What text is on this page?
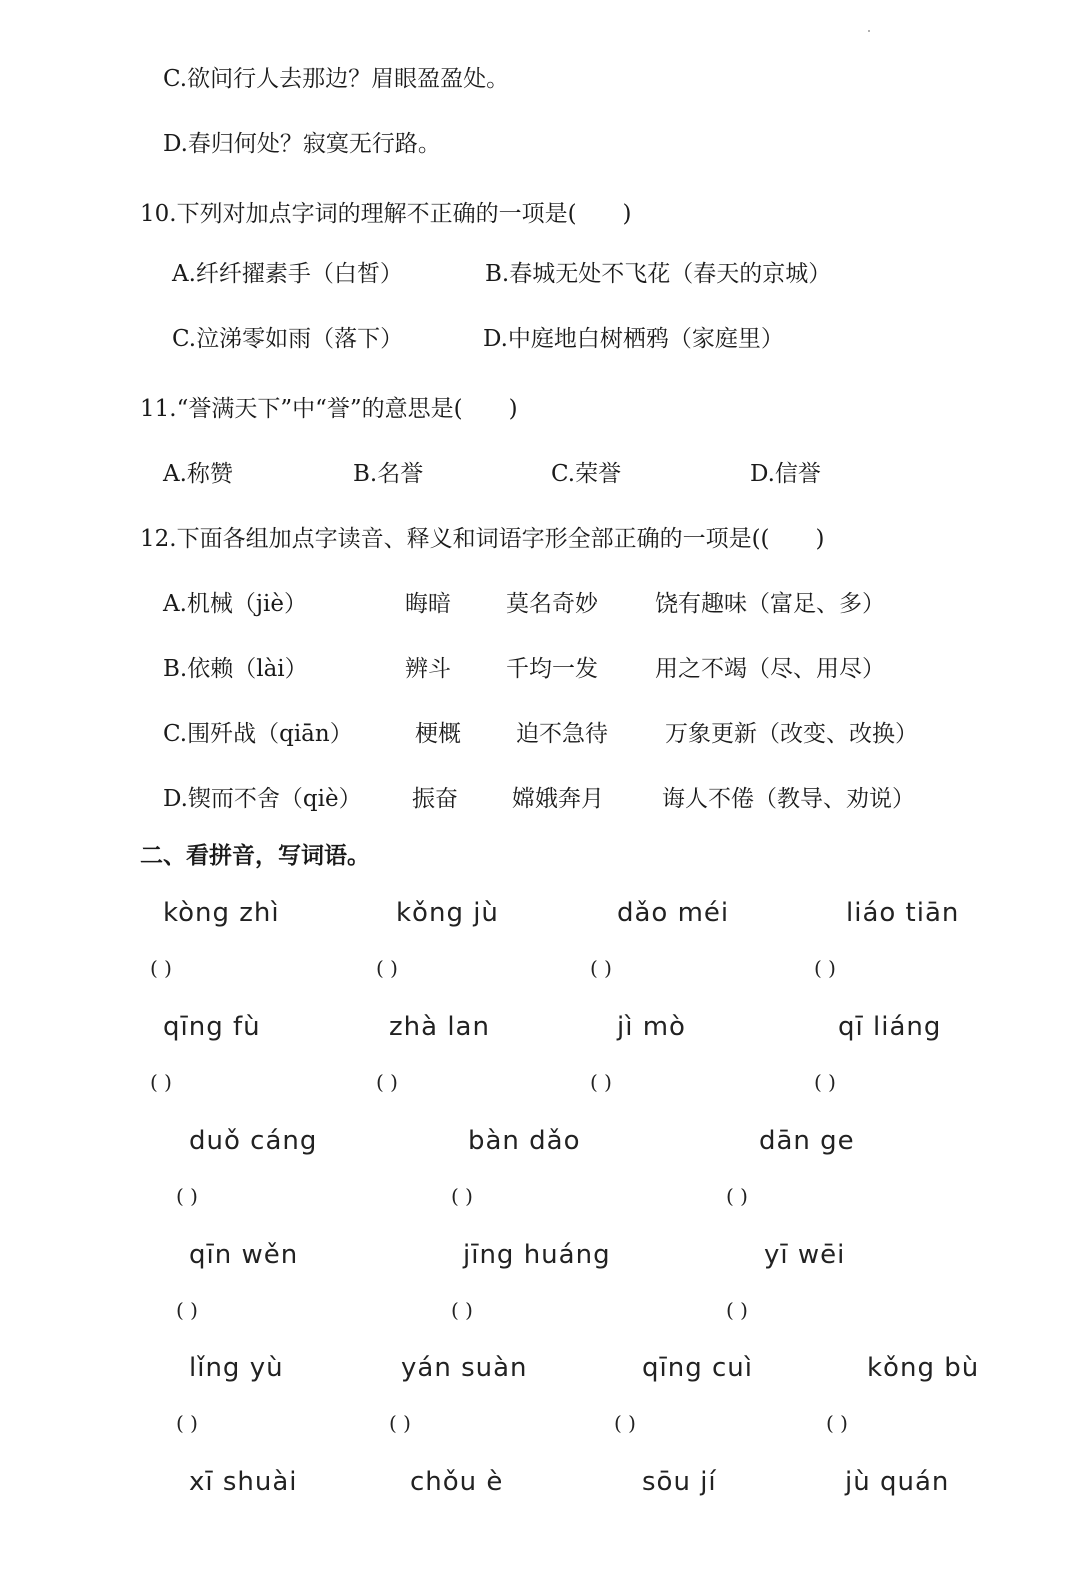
C.欲问行人去那边？眉眼盈盈处。
D.春归何处？寂寞无行路。
10.下列对加点字词的理解不正确的一项是(　　)
A.纤纤擢素手（白皙）	B.春城无处不飞花（春天的京城）
C.泣涕零如雨（落下）	D.中庭地白树栖鸦（家庭里）
11.“誉满天下”中“誉”的意思是(　　)
A.称赞	B.名誉	C.荣誉	D.信誉
12.下面各组加点字读音、释义和词语字形全部正确的一项是((　　)
A.机械（jiè）	晦暗 莫名奇妙 饶有趣味（富足、多）
B.依赖（lài）	辨斗 千均一发 用之不竭（尽、用尽）
C.围歼战（qiān）	梗概 迫不急待 万象更新（改变、改换）
D.锲而不舍（qiè） 振奋 嫦娥奔月	诲人不倦（教导、劝说）
二、看拼音，写词语。
kòng zhì	kǒng jù	dǎo méi	liáo tiān
( )	( )	( )	( )
qīng fù	zhà lan	jì mò	qī liáng
( )	( )	( )	( )
duǒ cáng	bàn dǎo	dān ge
( )	( )	( )
qīn wěn	jīng huáng	yī wēi
( )	( )	( )
lǐng yù	yán suàn	qīng cuì	kǒng bù
( )	( )	( )	( )
xī shuài	chǒu è	sōu jí	jù quán
